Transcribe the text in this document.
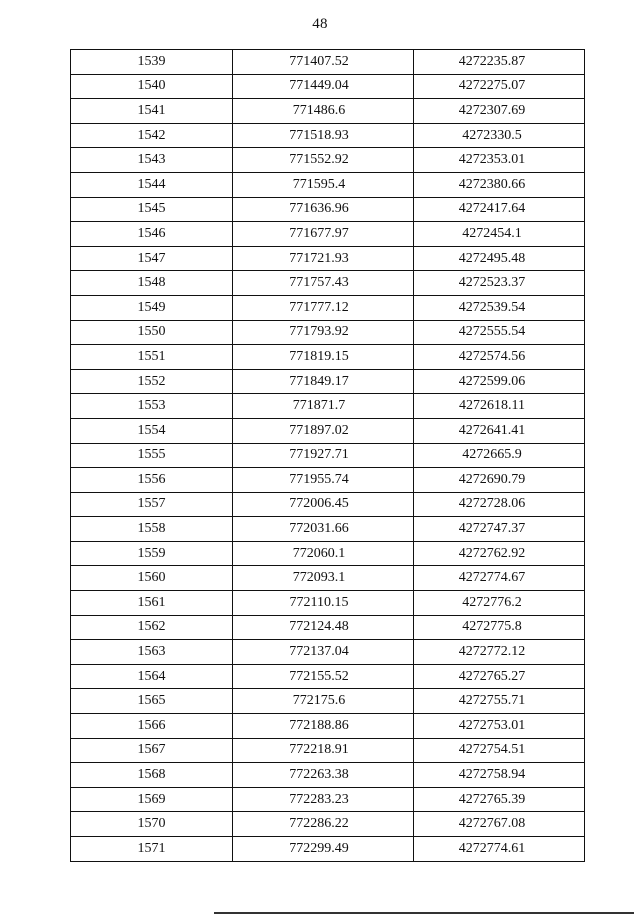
48
1539	771407.52	4272235.87
1540	771449.04	4272275.07
1541	771486.6	4272307.69
1542	771518.93	4272330.5
1543	771552.92	4272353.01
1544	771595.4	4272380.66
1545	771636.96	4272417.64
1546	771677.97	4272454.1
1547	771721.93	4272495.48
1548	771757.43	4272523.37
1549	771777.12	4272539.54
1550	771793.92	4272555.54
1551	771819.15	4272574.56
1552	771849.17	4272599.06
1553	771871.7	4272618.11
1554	771897.02	4272641.41
1555	771927.71	4272665.9
1556	771955.74	4272690.79
1557	772006.45	4272728.06
1558	772031.66	4272747.37
1559	772060.1	4272762.92
1560	772093.1	4272774.67
1561	772110.15	4272776.2
1562	772124.48	4272775.8
1563	772137.04	4272772.12
1564	772155.52	4272765.27
1565	772175.6	4272755.71
1566	772188.86	4272753.01
1567	772218.91	4272754.51
1568	772263.38	4272758.94
1569	772283.23	4272765.39
1570	772286.22	4272767.08
1571	772299.49	4272774.61
